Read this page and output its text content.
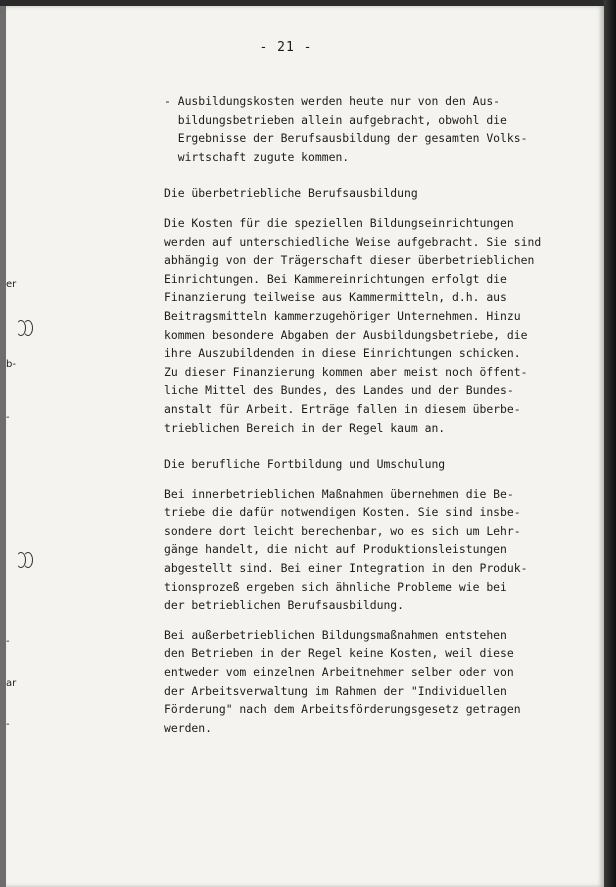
er
b-
-
-
ar
-
- 21 -
- Ausbildungskosten werden heute nur von den Aus-
bildungsbetrieben allein aufgebracht, obwohl die
Ergebnisse der Berufsausbildung der gesamten Volks-
wirtschaft zugute kommen.
Die überbetriebliche Berufsausbildung
Die Kosten für die speziellen Bildungseinrichtungen
werden auf unterschiedliche Weise aufgebracht. Sie sind
abhängig von der Trägerschaft dieser überbetrieblichen
Einrichtungen. Bei Kammereinrichtungen erfolgt die
Finanzierung teilweise aus Kammermitteln, d.h. aus
Beitragsmitteln kammerzugehöriger Unternehmen. Hinzu
kommen besondere Abgaben der Ausbildungsbetriebe, die
ihre Auszubildenden in diese Einrichtungen schicken.
Zu dieser Finanzierung kommen aber meist noch öffent-
liche Mittel des Bundes, des Landes und der Bundes-
anstalt für Arbeit. Erträge fallen in diesem überbe-
trieblichen Bereich in der Regel kaum an.
Die berufliche Fortbildung und Umschulung
Bei innerbetrieblichen Maßnahmen übernehmen die Be-
triebe die dafür notwendigen Kosten. Sie sind insbe-
sondere dort leicht berechenbar, wo es sich um Lehr-
gänge handelt, die nicht auf Produktionsleistungen
abgestellt sind. Bei einer Integration in den Produk-
tionsprozeß ergeben sich ähnliche Probleme wie bei
der betrieblichen Berufsausbildung.
Bei außerbetrieblichen Bildungsmaßnahmen entstehen
den Betrieben in der Regel keine Kosten, weil diese
entweder vom einzelnen Arbeitnehmer selber oder von
der Arbeitsverwaltung im Rahmen der "Individuellen
Förderung" nach dem Arbeitsförderungsgesetz getragen
werden.
